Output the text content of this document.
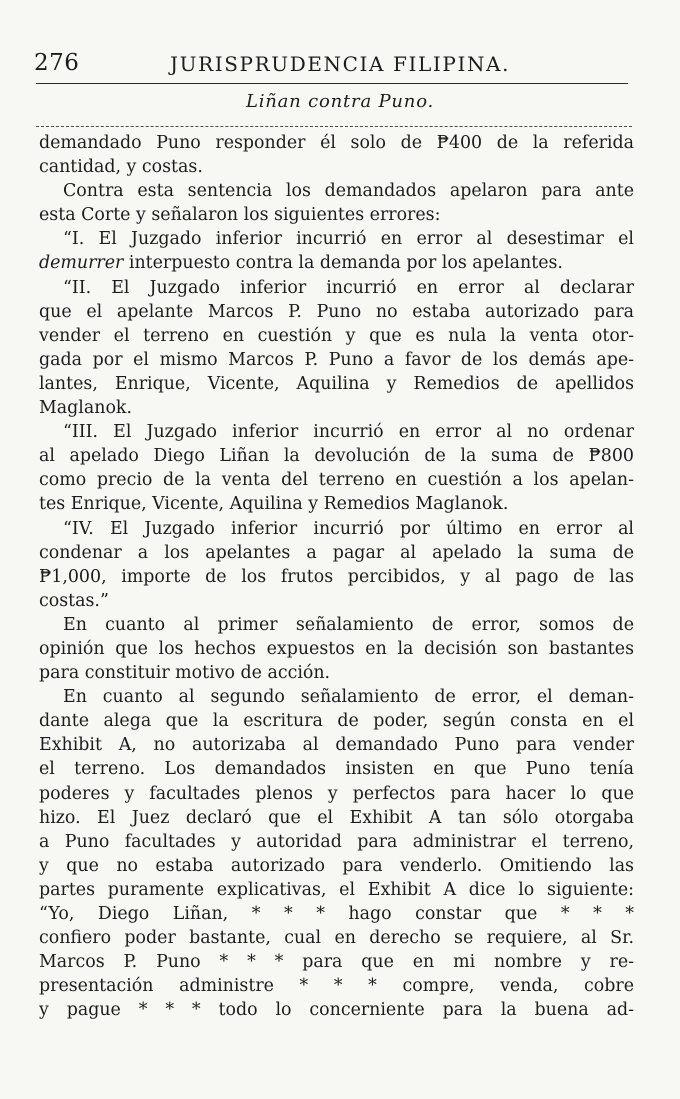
276	JURISPRUDENCIA FILIPINA.
Liñan contra Puno.
demandado Puno responder él solo de ₱400 de la referida
cantidad, y costas.
Contra esta sentencia los demandados apelaron para ante
esta Corte y señalaron los siguientes errores:
“I. El Juzgado inferior incurrió en error al desestimar el
demurrer interpuesto contra la demanda por los apelantes.
“II. El Juzgado inferior incurrió en error al declarar
que el apelante Marcos P. Puno no estaba autorizado para
vender el terreno en cuestión y que es nula la venta otor-
gada por el mismo Marcos P. Puno a favor de los demás ape-
lantes, Enrique, Vicente, Aquilina y Remedios de apellidos
Maglanok.
“III. El Juzgado inferior incurrió en error al no ordenar
al apelado Diego Liñan la devolución de la suma de ₱800
como precio de la venta del terreno en cuestión a los apelan-
tes Enrique, Vicente, Aquilina y Remedios Maglanok.
“IV. El Juzgado inferior incurrió por último en error al
condenar a los apelantes a pagar al apelado la suma de
₱1,000, importe de los frutos percibidos, y al pago de las
costas.”
En cuanto al primer señalamiento de error, somos de
opinión que los hechos expuestos en la decisión son bastantes
para constituir motivo de acción.
En cuanto al segundo señalamiento de error, el deman-
dante alega que la escritura de poder, según consta en el
Exhibit A, no autorizaba al demandado Puno para vender
el terreno. Los demandados insisten en que Puno tenía
poderes y facultades plenos y perfectos para hacer lo que
hizo. El Juez declaró que el Exhibit A tan sólo otorgaba
a Puno facultades y autoridad para administrar el terreno,
y que no estaba autorizado para venderlo. Omitiendo las
partes puramente explicativas, el Exhibit A dice lo siguiente:
“Yo, Diego Liñan, * * * hago constar que * * *
confiero poder bastante, cual en derecho se requiere, al Sr.
Marcos P. Puno * * * para que en mi nombre y re-
presentación administre * * * compre, venda, cobre
y pague * * * todo lo concerniente para la buena ad-
